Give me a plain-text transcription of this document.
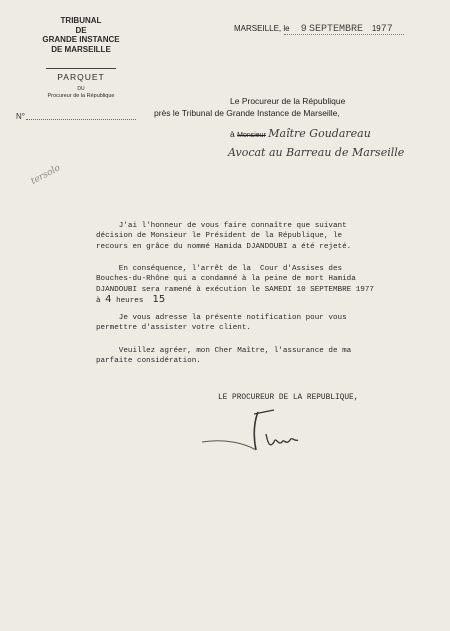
TRIBUNAL
DE
GRANDE INSTANCE
DE MARSEILLE
PARQUET
DU
Procureur de la République
N°
MARSEILLE, le 9 SEPTEMBRE 1977
Le Procureur de la République
près le Tribunal de Grande Instance de Marseille,
à Monsieur Maître Goudareau
Avocat au Barreau de Marseille
tersolo
J'ai l'honneur de vous faire connaître que suivant
décision de Monsieur le Président de la République, le
recours en grâce du nommé Hamida DJANDOUBI a été rejeté.
En conséquence, l'arrêt de la  Cour d'Assises des
Bouches-du-Rhône qui a condamné à la peine de mort Hamida
DJANDOUBI sera ramené à exécution le SAMEDI 10 SEPTEMBRE 1977
à 4 heures 15
Je vous adresse la présente notification pour vous
permettre d'assister votre client.
Veuillez agréer, mon Cher Maître, l'assurance de ma
parfaite considération.
LE PROCUREUR DE LA REPUBLIQUE,
